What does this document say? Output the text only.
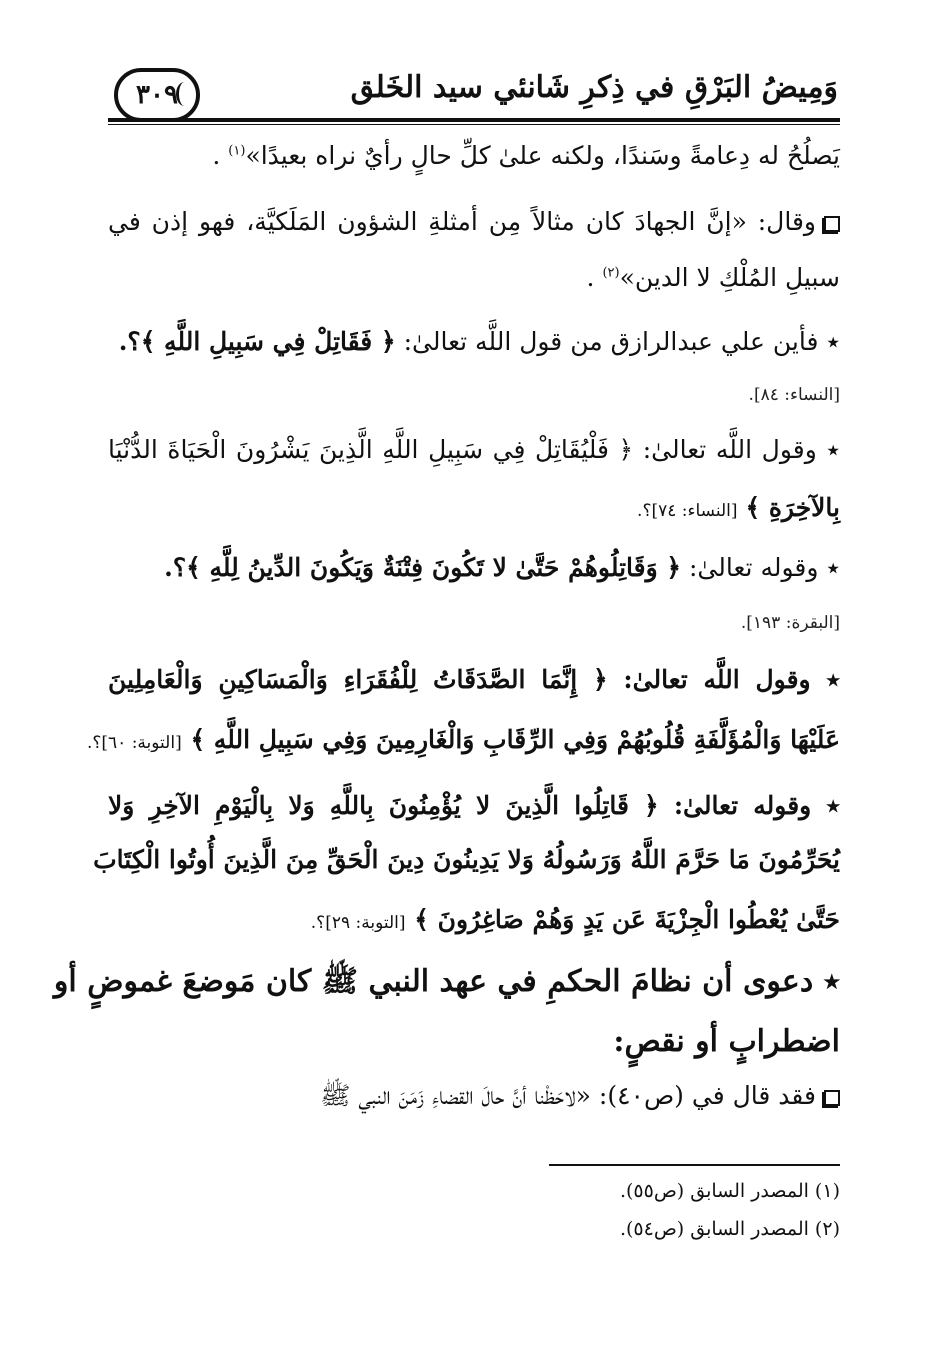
وَمِيضُ البَرْقِ في ذِكرِ شَانئي سيد الخَلق
٣٠٩
يَصلُحُ له دِعامةً وسَندًا، ولكنه علىٰ كلِّ حالٍ رأيٌ نراه بعيدًا»$^{(١)}$ .
وقال: «إنَّ الجهادَ كان مثالاً مِن أمثلةِ الشؤون المَلَكيَّة، فهو إذن في
سبيلِ المُلْكِ لا الدين»$^{(٢)}$ .
٭ فأين علي عبدالرازق من قول اللَّه تعالىٰ: ﴿ فَقَاتِلْ فِي سَبِيلِ اللَّهِ ﴾؟.
[النساء: ٨٤].
٭ وقول اللَّه تعالىٰ: ﴿ فَلْيُقَاتِلْ فِي سَبِيلِ اللَّهِ الَّذِينَ يَشْرُونَ الْحَيَاةَ الدُّنْيَا
بِالآخِرَةِ ﴾ [النساء: ٧٤]؟.
٭ وقوله تعالىٰ: ﴿ وَقَاتِلُوهُمْ حَتَّىٰ لا تَكُونَ فِتْنَةٌ وَيَكُونَ الدِّينُ لِلَّهِ ﴾؟.
[البقرة: ١٩٣].
٭ وقول اللَّه تعالىٰ: ﴿ إِنَّمَا الصَّدَقَاتُ لِلْفُقَرَاءِ وَالْمَسَاكِينِ وَالْعَامِلِينَ
عَلَيْهَا وَالْمُؤَلَّفَةِ قُلُوبُهُمْ وَفِي الرِّقَابِ وَالْغَارِمِينَ وَفِي سَبِيلِ اللَّهِ ﴾ [التوبة: ٦٠]؟.
٭ وقوله تعالىٰ: ﴿ قَاتِلُوا الَّذِينَ لا يُؤْمِنُونَ بِاللَّهِ وَلا بِالْيَوْمِ الآخِرِ وَلا
يُحَرِّمُونَ مَا حَرَّمَ اللَّهُ وَرَسُولُهُ وَلا يَدِينُونَ دِينَ الْحَقِّ مِنَ الَّذِينَ أُوتُوا الْكِتَابَ
حَتَّىٰ يُعْطُوا الْجِزْيَةَ عَن يَدٍ وَهُمْ صَاغِرُونَ ﴾ [التوبة: ٢٩]؟.
٭ دعوى أن نظامَ الحكمِ في عهد النبي ﷺ كان مَوضعَ غموضٍ أو
اضطرابٍ أو نقصٍ:
فقد قال في (ص٤٠): «لاحَظْنا أنَّ حالَ القضاءِ زَمَنَ النبي ﷺ
(١) المصدر السابق (ص٥٥).
(٢) المصدر السابق (ص٥٤).
